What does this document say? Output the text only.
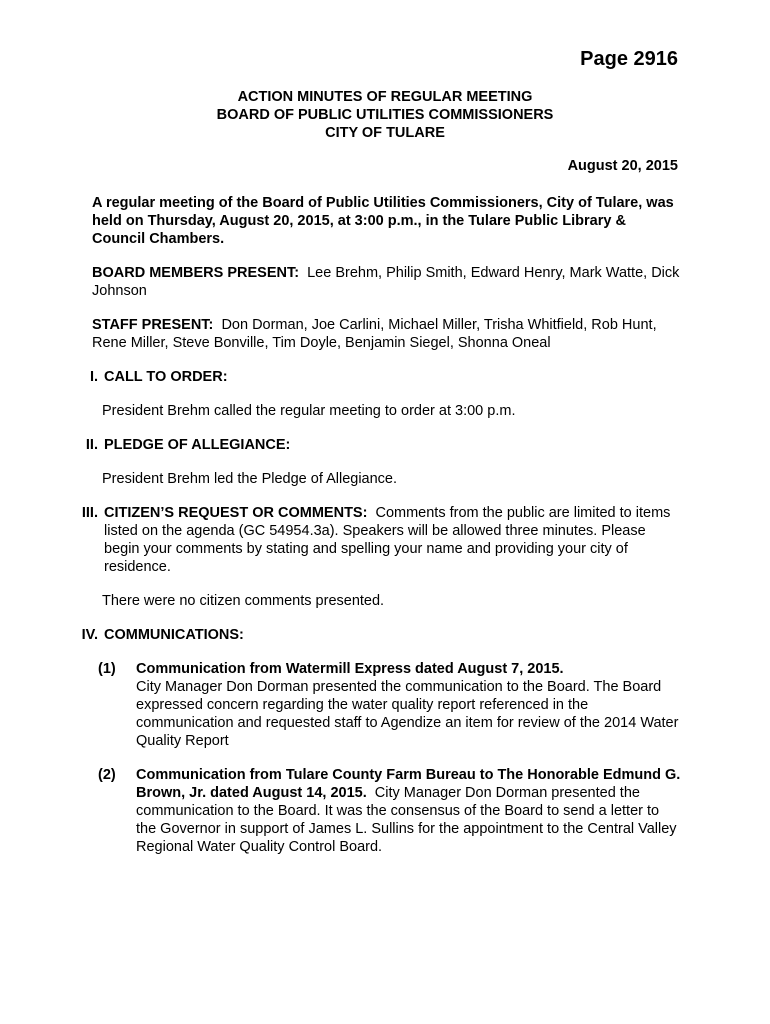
Page 2916
ACTION MINUTES OF REGULAR MEETING
BOARD OF PUBLIC UTILITIES COMMISSIONERS
CITY OF TULARE
August 20, 2015

A regular meeting of the Board of Public Utilities Commissioners, City of Tulare, was held on Thursday, August 20, 2015, at 3:00 p.m., in the Tulare Public Library & Council Chambers.

BOARD MEMBERS PRESENT: Lee Brehm, Philip Smith, Edward Henry, Mark Watte, Dick Johnson

STAFF PRESENT: Don Dorman, Joe Carlini, Michael Miller, Trisha Whitfield, Rob Hunt, Rene Miller, Steve Bonville, Tim Doyle, Benjamin Siegel, Shonna Oneal

I. CALL TO ORDER:

President Brehm called the regular meeting to order at 3:00 p.m.

II. PLEDGE OF ALLEGIANCE:

President Brehm led the Pledge of Allegiance.

III. CITIZEN’S REQUEST OR COMMENTS: Comments from the public are limited to items listed on the agenda (GC 54954.3a). Speakers will be allowed three minutes. Please begin your comments by stating and spelling your name and providing your city of residence.

There were no citizen comments presented.

IV. COMMUNICATIONS:

(1) Communication from Watermill Express dated August 7, 2015.
City Manager Don Dorman presented the communication to the Board. The Board expressed concern regarding the water quality report referenced in the communication and requested staff to Agendize an item for review of the 2014 Water Quality Report

(2) Communication from Tulare County Farm Bureau to The Honorable Edmund G. Brown, Jr. dated August 14, 2015. City Manager Don Dorman presented the communication to the Board. It was the consensus of the Board to send a letter to the Governor in support of James L. Sullins for the appointment to the Central Valley Regional Water Quality Control Board.
